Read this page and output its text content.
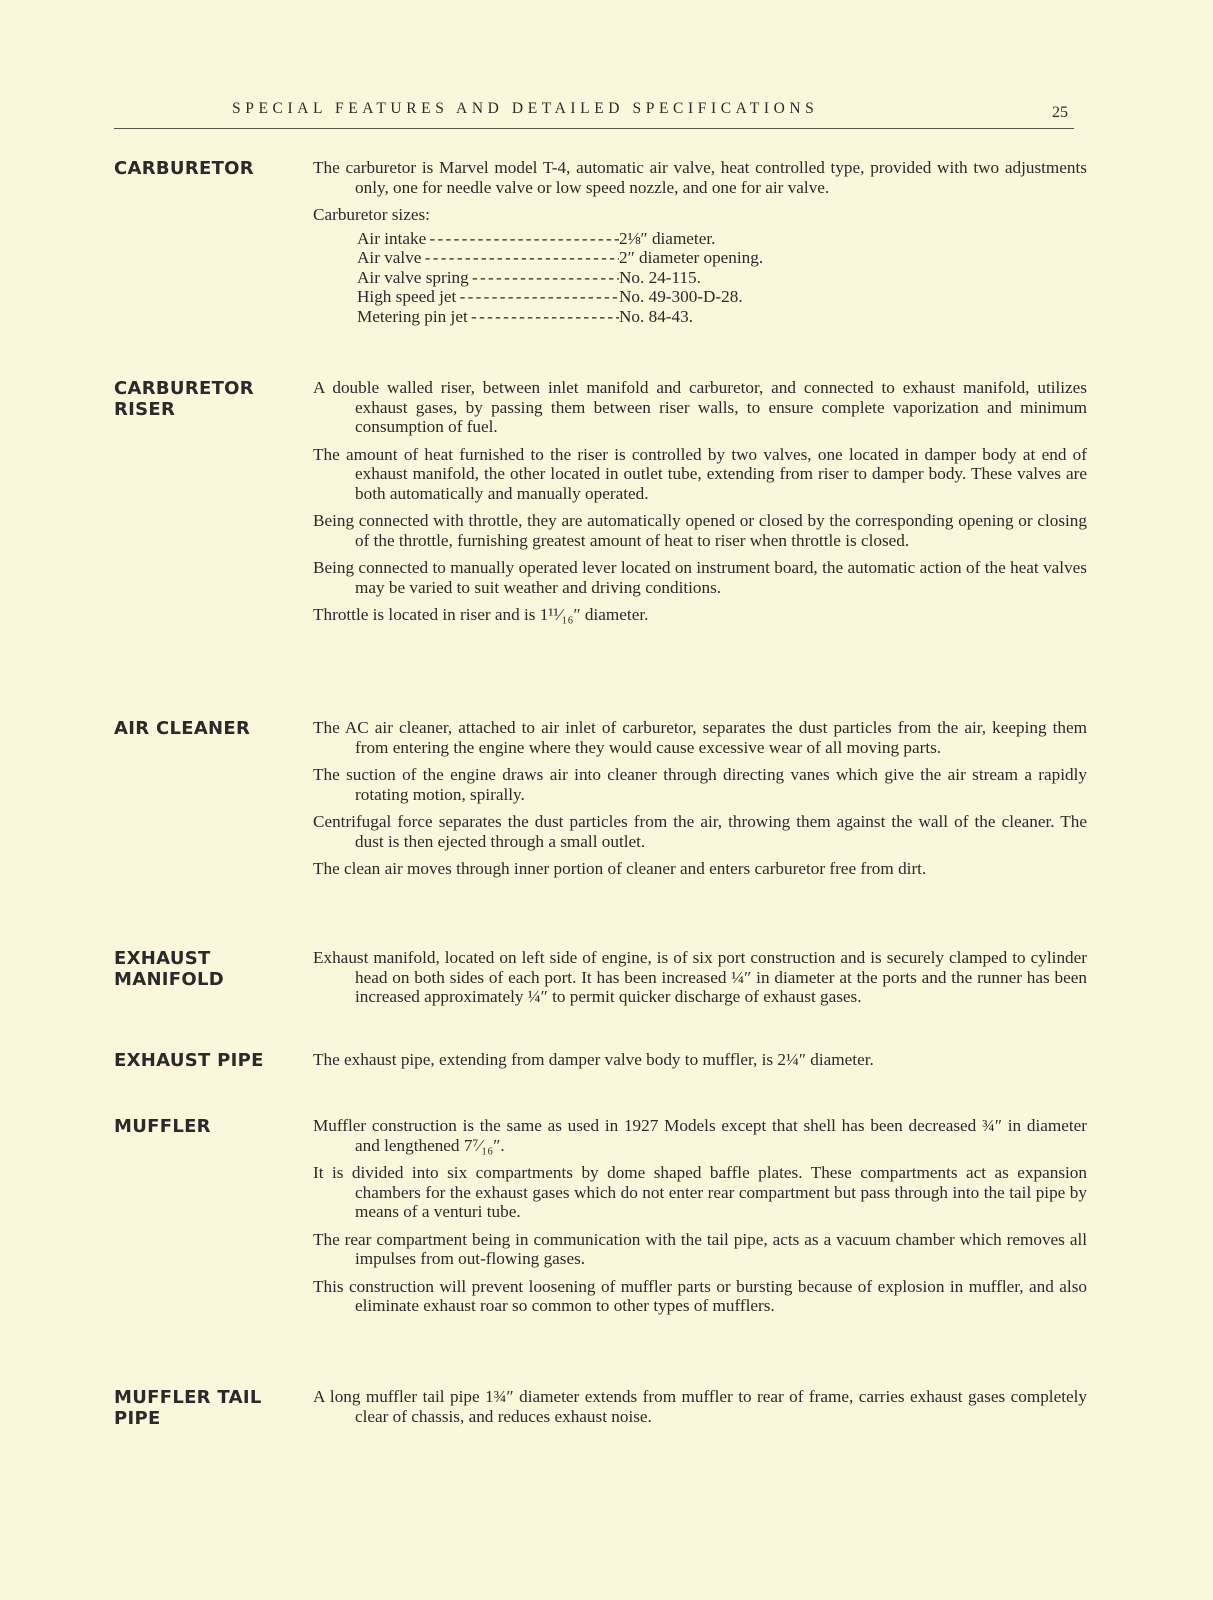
SPECIAL FEATURES AND DETAILED SPECIFICATIONS	25
CARBURETOR	The carburetor is Marvel model T-4, automatic air valve, heat controlled type, provided with two adjustments only, one for needle valve or low speed nozzle, and one for air valve.

Carburetor sizes:
Air intake - - -	2⅛″ diameter.
Air valve - - -	2″ diameter opening.
Air valve spring - - -	No. 24-115.
High speed jet - - -	No. 49-300-D-28.
Metering pin jet - - -	No. 84-43.
CARBURETOR RISER

A double walled riser, between inlet manifold and carburetor, and connected to exhaust manifold, utilizes exhaust gases, by passing them between riser walls, to ensure complete vaporization and minimum consumption of fuel.

The amount of heat furnished to the riser is controlled by two valves, one located in damper body at end of exhaust manifold, the other located in outlet tube, extending from riser to damper body. These valves are both automatically and manually operated.

Being connected with throttle, they are automatically opened or closed by the corresponding opening or closing of the throttle, furnishing greatest amount of heat to riser when throttle is closed.

Being connected to manually operated lever located on instrument board, the automatic action of the heat valves may be varied to suit weather and driving conditions.

Throttle is located in riser and is 1¹¹⁄₁₆″ diameter.

AIR CLEANER	The AC air cleaner, attached to air inlet of carburetor, separates the dust particles from the air, keeping them from entering the engine where they would cause excessive wear of all moving parts.

The suction of the engine draws air into cleaner through directing vanes which give the air stream a rapidly rotating motion, spirally.

Centrifugal force separates the dust particles from the air, throwing them against the wall of the cleaner. The dust is then ejected through a small outlet.

The clean air moves through inner portion of cleaner and enters carburetor free from dirt.

EXHAUST MANIFOLD

Exhaust manifold, located on left side of engine, is of six port construction and is securely clamped to cylinder head on both sides of each port. It has been increased ¼″ in diameter at the ports and the runner has been increased approximately ¼″ to permit quicker discharge of exhaust gases.

EXHAUST PIPE	The exhaust pipe, extending from damper valve body to muffler, is 2¼″ diameter.

MUFFLER	Muffler construction is the same as used in 1927 Models except that shell has been decreased ¾″ in diameter and lengthened 7⁷⁄₁₆″.

It is divided into six compartments by dome shaped baffle plates. These compartments act as expansion chambers for the exhaust gases which do not enter rear compartment but pass through into the tail pipe by means of a venturi tube.

The rear compartment being in communication with the tail pipe, acts as a vacuum chamber which removes all impulses from out-flowing gases.

This construction will prevent loosening of muffler parts or bursting because of explosion in muffler, and also eliminate exhaust roar so common to other types of mufflers.

MUFFLER TAIL PIPE

A long muffler tail pipe 1¾″ diameter extends from muffler to rear of frame, carries exhaust gases completely clear of chassis, and reduces exhaust noise.
